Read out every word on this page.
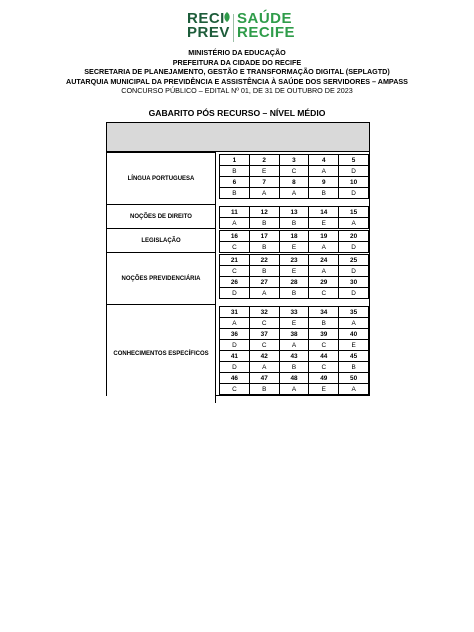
RECI
PREV
SAÚDE
RECIFE
MINISTÉRIO DA EDUCAÇÃO
PREFEITURA DA CIDADE DO RECIFE
SECRETARIA DE PLANEJAMENTO, GESTÃO E TRANSFORMAÇÃO DIGITAL (SEPLAGTD)
AUTARQUIA MUNICIPAL DA PREVIDÊNCIA E ASSISTÊNCIA À SAÚDE DOS SERVIDORES – AMPASS
CONCURSO PÚBLICO – EDITAL Nº 01, DE 31 DE OUTUBRO DE 2023
GABARITO PÓS RECURSO – NÍVEL MÉDIO
LÍNGUA PORTUGUESA
1	2	3	4	5
B	E	C	A	D
6	7	8	9	10
B	A	A	B	D
NOÇÕES DE DIREITO
11	12	13	14	15
A	B	B	E	A
LEGISLAÇÃO
16	17	18	19	20
C	B	E	A	D
NOÇÕES PREVIDENCIÁRIA
21	22	23	24	25
C	B	E	A	D
26	27	28	29	30
D	A	B	C	D
CONHECIMENTOS ESPECÍFICOS
31	32	33	34	35
A	C	E	B	A
36	37	38	39	40
D	C	A	C	E
41	42	43	44	45
D	A	B	C	B
46	47	48	49	50
C	B	A	E	A
